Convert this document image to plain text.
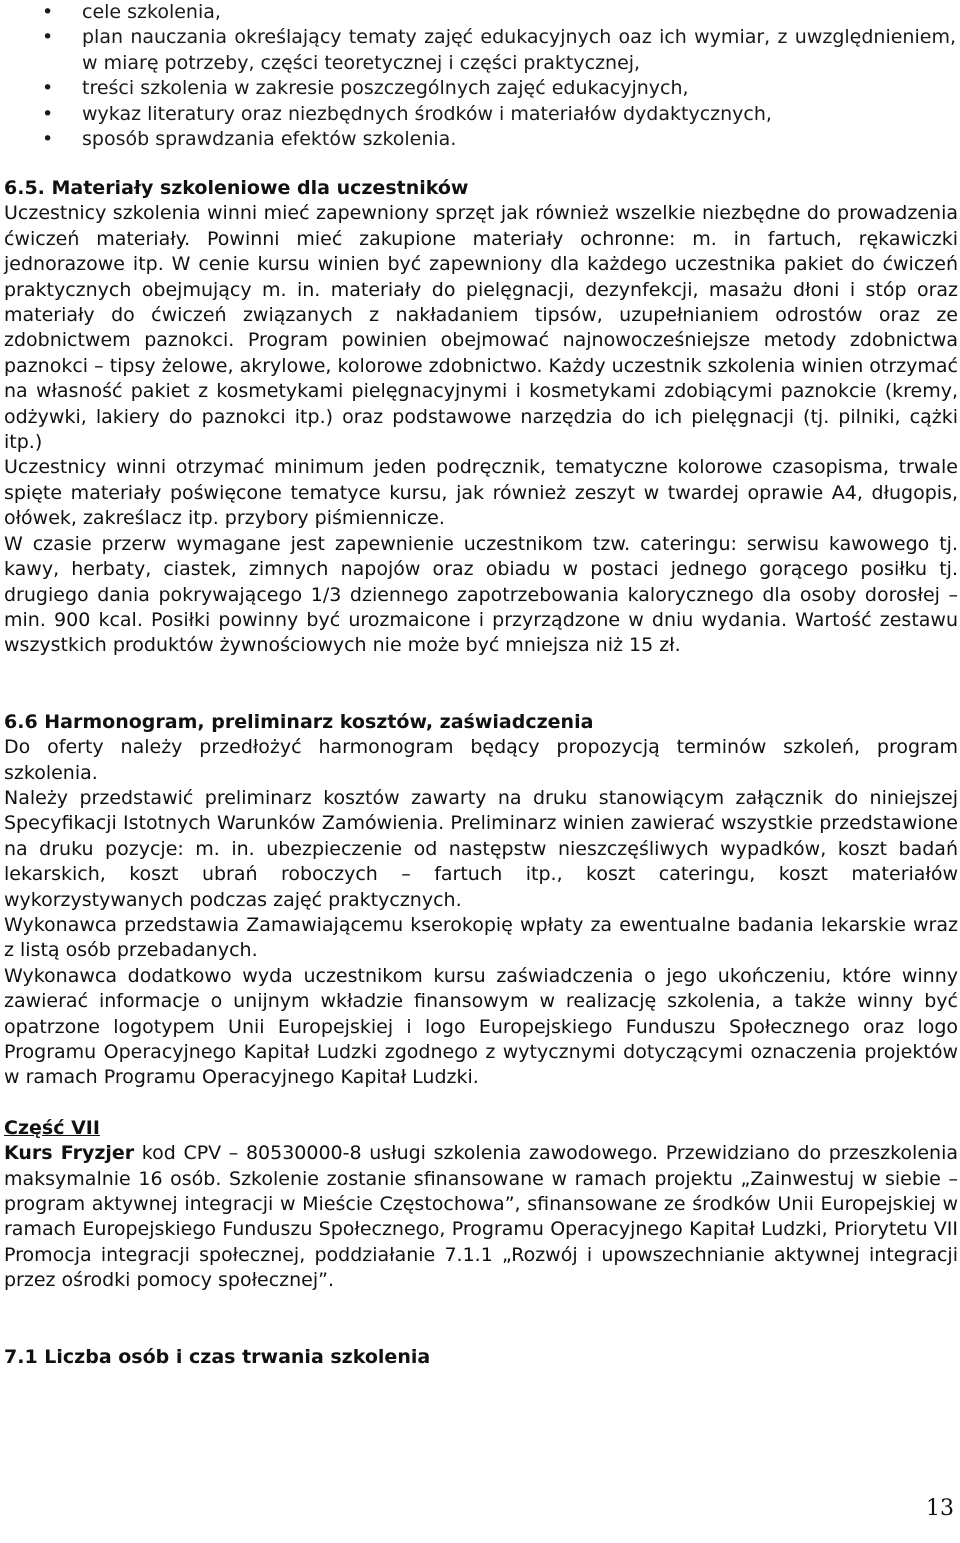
• cele szkolenia,
• plan nauczania określający tematy zajęć edukacyjnych oaz ich wymiar, z uwzględnieniem, w miarę potrzeby, części teoretycznej i części praktycznej,
• treści szkolenia w zakresie poszczególnych zajęć edukacyjnych,
• wykaz literatury oraz niezbędnych środków i materiałów dydaktycznych,
• sposób sprawdzania efektów szkolenia.

6.5. Materiały szkoleniowe dla uczestników

Uczestnicy szkolenia winni mieć zapewniony sprzęt jak również wszelkie niezbędne do prowadzenia ćwiczeń materiały. Powinni mieć zakupione materiały ochronne: m. in fartuch, rękawiczki jednorazowe itp. W cenie kursu winien być zapewniony dla każdego uczestnika pakiet do ćwiczeń praktycznych obejmujący m. in. materiały do pielęgnacji, dezynfekcji, masażu dłoni i stóp oraz materiały do ćwiczeń związanych z nakładaniem tipsów, uzupełnianiem odrostów oraz ze zdobnictwem paznokci. Program powinien obejmować najnowocześniejsze metody zdobnictwa paznokci – tipsy żelowe, akrylowe, kolorowe zdobnictwo. Każdy uczestnik szkolenia winien otrzymać na własność pakiet z kosmetykami pielęgnacyjnymi i kosmetykami zdobiącymi paznokcie (kremy, odżywki, lakiery do paznokci itp.) oraz podstawowe narzędzia do ich pielęgnacji (tj. pilniki, cążki itp.)

Uczestnicy winni otrzymać minimum jeden podręcznik, tematyczne kolorowe czasopisma, trwale spięte materiały poświęcone tematyce kursu, jak również zeszyt w twardej oprawie A4, długopis, ołówek, zakreślacz itp. przybory piśmiennicze.

W czasie przerw wymagane jest zapewnienie uczestnikom tzw. cateringu: serwisu kawowego tj. kawy, herbaty, ciastek, zimnych napojów oraz obiadu w postaci jednego gorącego posiłku tj. drugiego dania pokrywającego 1/3 dziennego zapotrzebowania kalorycznego dla osoby dorosłej – min. 900 kcal. Posiłki powinny być urozmaicone i przyrządzone w dniu wydania. Wartość zestawu wszystkich produktów żywnościowych nie może być mniejsza niż 15 zł.

6.6 Harmonogram, preliminarz kosztów, zaświadczenia

Do oferty należy przedłożyć harmonogram będący propozycją terminów szkoleń, program szkolenia.

Należy przedstawić preliminarz kosztów zawarty na druku stanowiącym załącznik do niniejszej Specyfikacji Istotnych Warunków Zamówienia. Preliminarz winien zawierać wszystkie przedstawione na druku pozycje: m. in. ubezpieczenie od następstw nieszczęśliwych wypadków, koszt badań lekarskich, koszt ubrań roboczych – fartuch itp., koszt cateringu, koszt materiałów wykorzystywanych podczas zajęć praktycznych.

Wykonawca przedstawia Zamawiającemu kserokopię wpłaty za ewentualne badania lekarskie wraz z listą osób przebadanych.

Wykonawca dodatkowo wyda uczestnikom kursu zaświadczenia o jego ukończeniu, które winny zawierać informacje o unijnym wkładzie finansowym w realizację szkolenia, a także winny być opatrzone logotypem Unii Europejskiej i logo Europejskiego Funduszu Społecznego oraz logo Programu Operacyjnego Kapitał Ludzki zgodnego z wytycznymi dotyczącymi oznaczenia projektów w ramach Programu Operacyjnego Kapitał Ludzki.

Część VII

Kurs Fryzjer kod CPV – 80530000-8 usługi szkolenia zawodowego. Przewidziano do przeszkolenia maksymalnie 16 osób. Szkolenie zostanie sfinansowane w ramach projektu „Zainwestuj w siebie – program aktywnej integracji w Mieście Częstochowa”, sfinansowane ze środków Unii Europejskiej w ramach Europejskiego Funduszu Społecznego, Programu Operacyjnego Kapitał Ludzki, Priorytetu VII Promocja integracji społecznej, poddziałanie 7.1.1 „Rozwój i upowszechnianie aktywnej integracji przez ośrodki pomocy społecznej”.

7.1 Liczba osób i czas trwania szkolenia

13
